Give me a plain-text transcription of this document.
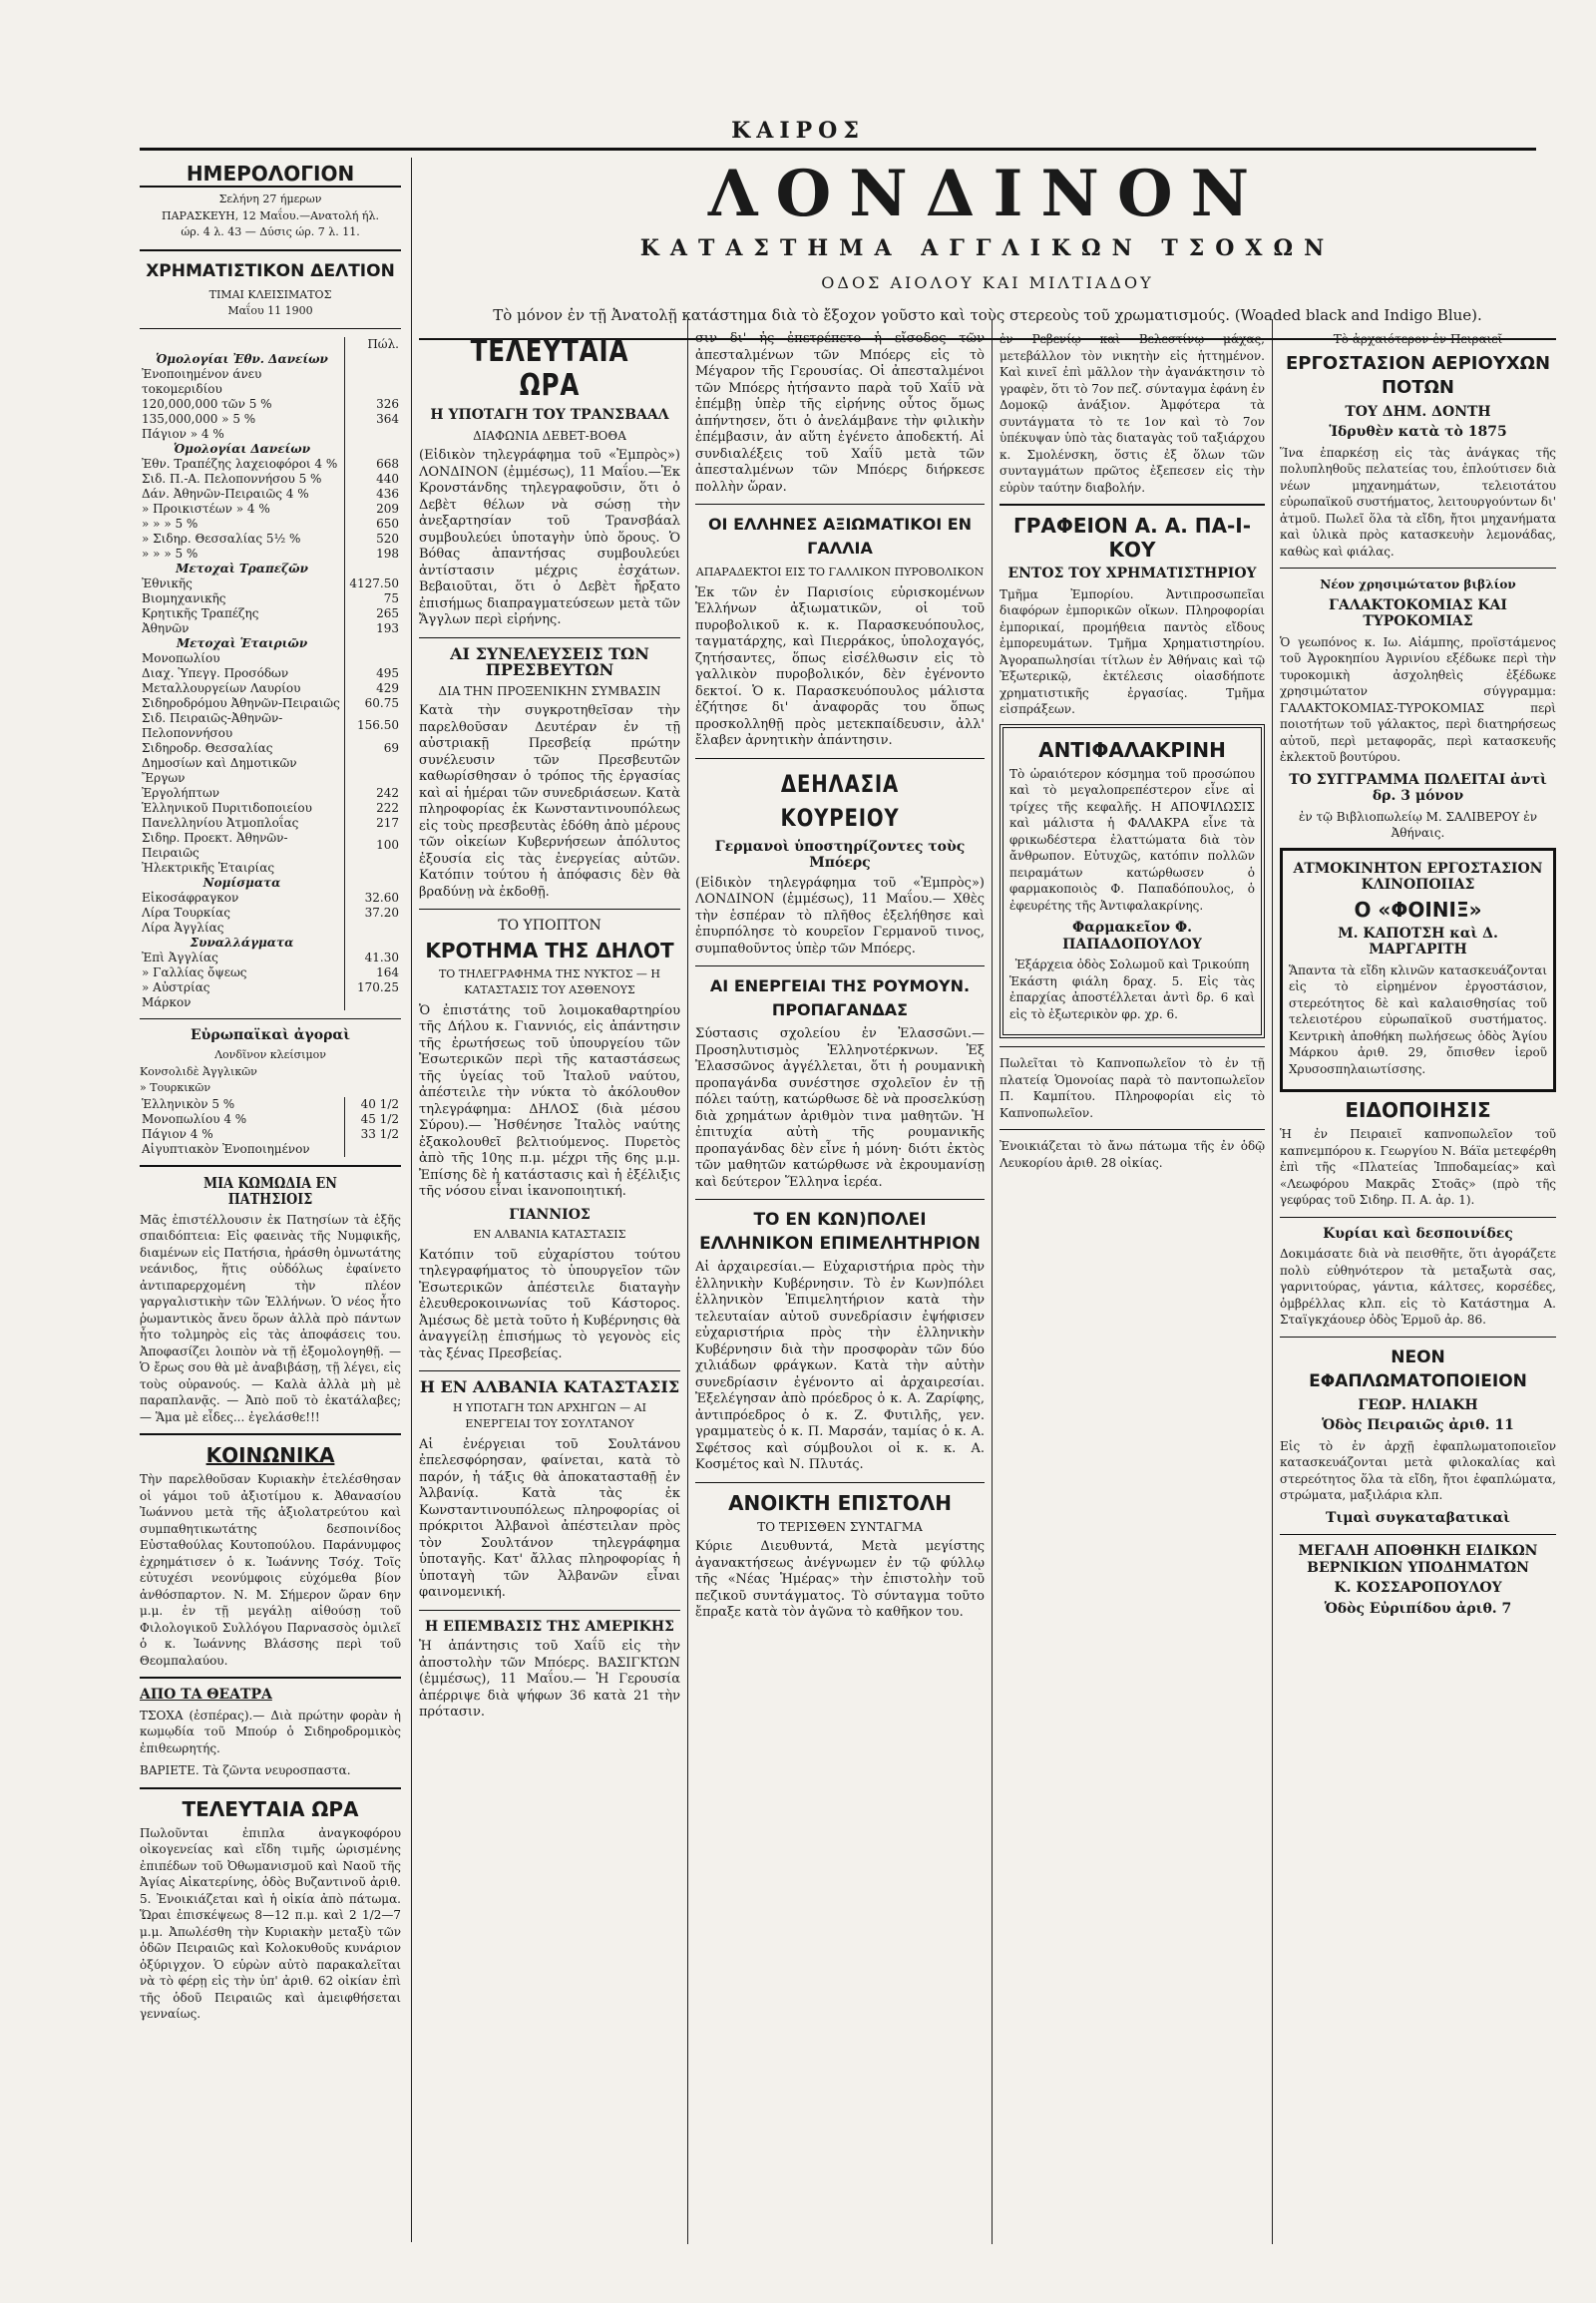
ΚΑΙΡΟΣ
ΗΜΕΡΟΛΟΓΙΟΝ
Σελήνη 27 ήμερων
ΠΑΡΑΣΚΕΥΗ, 12 Μαΐου.—Ανατολή ήλ.
ώρ. 4 λ. 43 — Δύσις ώρ. 7 λ. 11.
ΧΡΗΜΑΤΙΣΤΙΚΟΝ ΔΕΛΤΙΟΝ
ΤΙΜΑΙ ΚΛΕΙΣΙΜΑΤΟΣ
Μαΐου 11 1900
	Πώλ.
Ὁμολογίαι Ἐθν. Δανείων	
Ἐνοποιημένον άνευ τοκομεριδίου	
120,000,000 τῶν 5 %	326
135,000,000 » 5 %	364
Πάγιον » 4 %	
Ὁμολογίαι Δανείων	
Ἐθν. Τραπέζης λαχειοφόροι 4 %	668
Σιδ. Π.-Α. Πελοποννήσου 5 %	440
Δάν. Ἀθηνῶν-Πειραιῶς 4 %	436
» Προικιστέων » 4 %	209
» » » 5 %	650
» Σιδηρ. Θεσσαλίας 5½ %	520
» » » 5 %	198
Μετοχαὶ Τραπεζῶν	
Ἐθνικῆς	4127.50
Βιομηχανικῆς	75
Κρητικῆς Τραπέζης	265
Ἀθηνῶν	193
Μετοχαὶ Ἑταιριῶν	
Μονοπωλίου	
Διαχ. Ὑπεγγ. Προσόδων	495
Μεταλλουργείων Λαυρίου	429
Σιδηροδρόμου Ἀθηνῶν-Πειραιῶς	60.75
Σιδ. Πειραιῶς-Ἀθηνῶν-Πελοποννήσου	156.50
Σιδηροδρ. Θεσσαλίας	69
Δημοσίων καὶ Δημοτικῶν Ἔργων	
Ἐργολήπτων	242
Ἑλληνικοῦ Πυριτιδοποιείου	222
Πανελληνίου Ἀτμοπλοΐας	217
Σιδηρ. Προεκτ. Ἀθηνῶν-Πειραιῶς	100
Ἠλεκτρικῆς Ἑταιρίας	
Νομίσματα	
Εἰκοσάφραγκον	32.60
Λίρα Τουρκίας	37.20
Λίρα Ἀγγλίας	
Συναλλάγματα	
Ἐπὶ Ἀγγλίας	41.30
» Γαλλίας ὄψεως	164
» Αὐστρίας	170.25
Μάρκον	
Εὐρωπαϊκαὶ ἀγοραὶ
Λονδῖνον κλείσιμον
Κονσολιδὲ Ἀγγλικῶν
» Τουρκικῶν
Ἑλληνικὸν 5 %	40 1/2
Μονοπωλίου 4 %	45 1/2
Πάγιον 4 %	33 1/2
Αἰγυπτιακὸν Ἐνοποιημένον	
ΜΙΑ ΚΩΜΩΔΙΑ ΕΝ ΠΑΤΗΣΙΟΙΣ

Μᾶς ἐπιστέλλουσιν ἐκ Πατησίων τὰ ἑξῆς σπαιδόπτεια: Εἰς φαεινὰς τῆς Νυμφικῆς, διαμένων εἰς Πατήσια, ἠράσθη ὀμνωτάτης νεάνιδος, ἥτις οὐδόλως ἐφαίνετο ἀντιπαρερχομένη τὴν πλέον γαργαλιστικὴν τῶν Ἑλλήνων. Ὁ νέος ἦτο ῥωμαντικὸς ἄνευ ὅρων ἀλλὰ πρὸ πάντων ἦτο τολμηρὸς εἰς τὰς ἀποφάσεις του. Ἀποφασίζει λοιπὸν νὰ τῇ ἐξομολογηθῇ. — Ὁ ἔρως σου θὰ μὲ ἀναβιβάσῃ, τῇ λέγει, εἰς τοὺς οὐρανούς. — Καλὰ ἀλλὰ μὴ μὲ παραπλανᾷς. — Ἀπὸ ποῦ τὸ ἐκατάλαβες; — Ἅμα μὲ εἶδες... ἐγελάσθε!!!

ΚΟΙΝΩΝΙΚΑ

Τὴν παρελθοῦσαν Κυριακὴν ἐτελέσθησαν οἱ γάμοι τοῦ ἀξιοτίμου κ. Ἀθανασίου Ἰωάννου μετὰ τῆς ἀξιολατρεύτου καὶ συμπαθητικωτάτης δεσποινίδος Εὐσταθούλας Κουτοπούλου. Παράνυμφος ἐχρημάτισεν ὁ κ. Ἰωάννης Τσόχ. Τοῖς εὐτυχέσι νεονύμφοις εὐχόμεθα βίον ἀνθόσπαρτον. Ν. Μ. Σήμερον ὥραν 6ην μ.μ. ἐν τῇ μεγάλῃ αἰθούσῃ τοῦ Φιλολογικοῦ Συλλόγου Παρνασσὸς ὁμιλεῖ ὁ κ. Ἰωάννης Βλάσσης περὶ τοῦ Θεομπαλαύου.

ΑΠΟ ΤΑ ΘΕΑΤΡΑ

ΤΣΟΧΑ (ἐσπέρας).— Διὰ πρώτην φορὰν ἡ κωμῳδία τοῦ Μπούρ ὁ Σιδηροδρομικὸς ἐπιθεωρητής.

ΒΑΡΙΕΤΕ. Τὰ ζῶντα νευροσπαστα.

ΤΕΛΕΥΤΑΙΑ ΩΡΑ

Πωλοῦνται ἐπιπλα ἀναγκοφόρου οἰκογενείας καὶ εἴδη τιμῆς ὡρισμένης ἐπιπέδων τοῦ Ὀθωμανισμοῦ καὶ Ναοῦ τῆς Ἀγίας Αἰκατερίνης, ὁδὸς Βυζαντινοῦ ἀριθ. 5. Ἐνοικιάζεται καὶ ἡ οἰκία ἀπὸ πάτωμα. Ὥραι ἐπισκέψεως 8—12 π.μ. καὶ 2 1/2—7 μ.μ. Ἀπωλέσθη τὴν Κυριακὴν μεταξὺ τῶν ὁδῶν Πειραιῶς καὶ Κολοκυθοῦς κυνάριον ὀξύριγχον. Ὁ εὑρὼν αὐτὸ παρακαλεῖται νὰ τὸ φέρῃ εἰς τὴν ὑπ' ἀριθ. 62 οἰκίαν ἐπὶ τῆς ὁδοῦ Πειραιῶς καὶ ἀμειφθήσεται γενναίως.

ΛΟΝΔΙΝΟΝ
ΚΑΤΑΣΤΗΜΑ ΑΓΓΛΙΚΩΝ ΤΣΟΧΩΝ
ΟΔΟΣ ΑΙΟΛΟΥ ΚΑΙ ΜΙΛΤΙΑΔΟΥ
Τὸ μόνον ἐν τῇ Ἀνατολῇ κατάστημα διὰ τὸ ἔξοχον γοῦστο καὶ τοὺς στερεοὺς τοῦ χρωματισμούς. (Woaded black and Indigo Blue).
ΤΕΛΕΥΤΑΙΑ ΩΡΑ
Η ΥΠΟΤΑΓΗ ΤΟΥ ΤΡΑΝΣΒΑΑΛ
ΔΙΑΦΩΝΙΑ ΔΕΒΕΤ-ΒΟΘΑ

(Εἰδικὸν τηλεγράφημα τοῦ «Ἐμπρὸς») ΛΟΝΔΙΝΟΝ (ἐμμέσως), 11 Μαΐου.—Ἐκ Κρονστάνδης τηλεγραφοῦσιν, ὅτι ὁ Δεβὲτ θέλων νὰ σώσῃ τὴν ἀνεξαρτησίαν τοῦ Τρανσβάαλ συμβουλεύει ὑποταγὴν ὑπὸ ὅρους. Ὁ Βόθας ἀπαντήσας συμβουλεύει ἀντίστασιν μέχρις ἐσχάτων. Βεβαιοῦται, ὅτι ὁ Δεβὲτ ἤρξατο ἐπισήμως διαπραγματεύσεων μετὰ τῶν Ἄγγλων περὶ εἰρήνης.

ΑΙ ΣΥΝΕΛΕΥΣΕΙΣ ΤΩΝ ΠΡΕΣΒΕΥΤΩΝ
ΔΙΑ ΤΗΝ ΠΡΟΞΕΝΙΚΗΝ ΣΥΜΒΑΣΙΝ

Κατὰ τὴν συγκροτηθεῖσαν τὴν παρελθοῦσαν Δευτέραν ἐν τῇ αὐστριακῇ Πρεσβείᾳ πρώτην συνέλευσιν τῶν Πρεσβευτῶν καθωρίσθησαν ὁ τρόπος τῆς ἐργασίας καὶ αἱ ἡμέραι τῶν συνεδριάσεων. Κατὰ πληροφορίας ἐκ Κωνσταντινουπόλεως εἰς τοὺς πρεσβευτὰς ἐδόθη ἀπὸ μέρους τῶν οἰκείων Κυβερνήσεων ἀπόλυτος ἐξουσία εἰς τὰς ἐνεργείας αὐτῶν. Κατόπιν τούτου ἡ ἀπόφασις δὲν θὰ βραδύνῃ νὰ ἐκδοθῇ.

ΤΟ ΥΠΟΠΤΟΝ
ΚΡΟΤΗΜΑ ΤΗΣ ΔΗΛΟΤ
ΤΟ ΤΗΛΕΓΡΑΦΗΜΑ ΤΗΣ ΝΥΚΤΟΣ — Η ΚΑΤΑΣΤΑΣΙΣ ΤΟΥ ΑΣΘΕΝΟΥΣ

Ὁ ἐπιστάτης τοῦ λοιμοκαθαρτηρίου τῆς Δήλου κ. Γιαννιός, εἰς ἀπάντησιν τῆς ἐρωτήσεως τοῦ ὑπουργείου τῶν Ἐσωτερικῶν περὶ τῆς καταστάσεως τῆς ὑγείας τοῦ Ἰταλοῦ ναύτου, ἀπέστειλε τὴν νύκτα τὸ ἀκόλουθον τηλεγράφημα: ΔΗΛΟΣ (διὰ μέσου Σύρου).— Ἠσθένησε Ἰταλὸς ναύτης ἐξακολουθεῖ βελτιούμενος. Πυρετὸς ἀπὸ τῆς 10ης π.μ. μέχρι τῆς 6ης μ.μ. Ἐπίσης δὲ ἡ κατάστασις καὶ ἡ ἐξέλιξις τῆς νόσου εἶναι ἰκανοποιητική.

ΓΙΑΝΝΙΟΣ
ΕΝ ΑΛΒΑΝΙΑ ΚΑΤΑΣΤΑΣΙΣ

Κατόπιν τοῦ εὐχαρίστου τούτου τηλεγραφήματος τὸ ὑπουργεῖον τῶν Ἐσωτερικῶν ἀπέστειλε διαταγὴν ἐλευθεροκοινωνίας τοῦ Κάστορος. Ἀμέσως δὲ μετὰ τοῦτο ἡ Κυβέρνησις θὰ ἀναγγείλῃ ἐπισήμως τὸ γεγονὸς εἰς τὰς ξένας Πρεσβείας.

Η ΕΝ ΑΛΒΑΝΙΑ ΚΑΤΑΣΤΑΣΙΣ
Η ΥΠΟΤΑΓΗ ΤΩΝ ΑΡΧΗΓΩΝ — ΑΙ ΕΝΕΡΓΕΙΑΙ ΤΟΥ ΣΟΥΛΤΑΝΟΥ

Αἱ ἐνέργειαι τοῦ Σουλτάνου ἐπελεσφόρησαν, φαίνεται, κατὰ τὸ παρόν, ἡ τάξις θὰ ἀποκατασταθῇ ἐν Ἀλβανίᾳ. Κατὰ τὰς ἐκ Κωνσταντινουπόλεως πληροφορίας οἱ πρόκριτοι Ἀλβανοὶ ἀπέστειλαν πρὸς τὸν Σουλτάνον τηλεγράφημα ὑποταγῆς. Κατ' ἄλλας πληροφορίας ἡ ὑποταγὴ τῶν Ἀλβανῶν εἶναι φαινομενική.

Η ΕΠΕΜΒΑΣΙΣ ΤΗΣ ΑΜΕΡΙΚΗΣ

Ἡ ἀπάντησις τοῦ Χαΐῦ εἰς τὴν ἀποστολὴν τῶν Μπόερς. ΒΑΣΙΓΚΤΩΝ (ἐμμέσως), 11 Μαΐου.— Ἡ Γερουσία ἀπέρριψε διὰ ψήφων 36 κατὰ 21 τὴν πρότασιν.

σιν δι' ἧς ἐπετρέπετο ἡ εἴσοδος τῶν ἀπεσταλμένων τῶν Μπόερς εἰς τὸ Μέγαρον τῆς Γερουσίας. Οἱ ἀπεσταλμένοι τῶν Μπόερς ἠτήσαντο παρὰ τοῦ Χαΐῦ νὰ ἐπέμβῃ ὑπὲρ τῆς εἰρήνης οὗτος ὅμως ἀπήντησεν, ὅτι ὁ ἀνελάμβανε τὴν φιλικὴν ἐπέμβασιν, ἀν αὕτη ἐγένετο ἀποδεκτή. Αἱ συνδιαλέξεις τοῦ Χαΐῦ μετὰ τῶν ἀπεσταλμένων τῶν Μπόερς διήρκεσε πολλὴν ὥραν.

ΟΙ ΕΛΛΗΝΕΣ ΑΞΙΩΜΑΤΙΚΟΙ ΕΝ ΓΑΛΛΙΑ
ΑΠΑΡΑΔΕΚΤΟΙ ΕΙΣ ΤΟ ΓΑΛΛΙΚΟΝ ΠΥΡΟΒΟΛΙΚΟΝ

Ἐκ τῶν ἐν Παρισίοις εὑρισκομένων Ἑλλήνων ἀξιωματικῶν, οἱ τοῦ πυροβολικοῦ κ. κ. Παρασκευόπουλος, ταγματάρχης, καὶ Πιερράκος, ὑπολοχαγός, ζητήσαντες, ὅπως εἰσέλθωσιν εἰς τὸ γαλλικὸν πυροβολικόν, δὲν ἐγένοντο δεκτοί. Ὁ κ. Παρασκευόπουλος μάλιστα ἐζήτησε δι' ἀναφορᾶς του ὅπως προσκολληθῇ πρὸς μετεκπαίδευσιν, ἀλλ' ἔλαβεν ἀρνητικὴν ἀπάντησιν.

ΔΕΗΛΑΣΙΑ ΚΟΥΡΕΙΟΥ
Γερμανοὶ ὑποστηρίζοντες τοὺς Μπόερς

(Εἰδικὸν τηλεγράφημα τοῦ «Ἐμπρὸς») ΛΟΝΔΙΝΟΝ (ἐμμέσως), 11 Μαΐου.— Χθὲς τὴν ἑσπέραν τὸ πλῆθος ἐξελήθησε καὶ ἐπυρπόλησε τὸ κουρεῖον Γερμανοῦ τινος, συμπαθοῦντος ὑπὲρ τῶν Μπόερς.

ΑΙ ΕΝΕΡΓΕΙΑΙ ΤΗΣ ΡΟΥΜΟΥΝ. ΠΡΟΠΑΓΑΝΔΑΣ

Σύστασις σχολείου ἐν Ἐλασσῶνι.— Προσηλυτισμὸς Ἑλληνοτέρκνων. Ἐξ Ἐλασσῶνος ἀγγέλλεται, ὅτι ἡ ρουμανικὴ προπαγάνδα συνέστησε σχολεῖον ἐν τῇ πόλει ταύτῃ, κατώρθωσε δὲ νὰ προσελκύσῃ διὰ χρημάτων ἀριθμὸν τινα μαθητῶν. Ἡ ἐπιτυχία αὐτὴ τῆς ρουμανικῆς προπαγάνδας δὲν εἶνε ἡ μόνη· διότι ἐκτὸς τῶν μαθητῶν κατώρθωσε νὰ ἐκρουμανίσῃ καὶ δεύτερον Ἕλληνα ἱερέα.

ΤΟ ΕΝ ΚΩΝ)ΠΟΛΕΙ ΕΛΛΗΝΙΚΟΝ ΕΠΙΜΕΛΗΤΗΡΙΟΝ

Αἱ ἀρχαιρεσίαι.— Εὐχαριστήρια πρὸς τὴν ἑλληνικὴν Κυβέρνησιν. Τὸ ἐν Κων)πόλει ἑλληνικὸν Ἐπιμελητήριον κατὰ τὴν τελευταίαν αὐτοῦ συνεδρίασιν ἐψήφισεν εὐχαριστήρια πρὸς τὴν ἑλληνικὴν Κυβέρνησιν διὰ τὴν προσφορὰν τῶν δύο χιλιάδων φράγκων. Κατὰ τὴν αὐτὴν συνεδρίασιν ἐγένοντο αἱ ἀρχαιρεσίαι. Ἐξελέγησαν ἀπὸ πρόεδρος ὁ κ. Α. Ζαρίφης, ἀντιπρόεδρος ὁ κ. Ζ. Φυτιλῆς, γεν. γραμματεὺς ὁ κ. Π. Μαρσάν, ταμίας ὁ κ. Α. Σφέτσος καὶ σύμβουλοι οἱ κ. κ. Α. Κοσμέτος καὶ Ν. Πλυτάς.

ΑΝΟΙΚΤΗ ΕΠΙΣΤΟΛΗ
ΤΟ ΤΕΡΙΣΘΕΝ ΣΥΝΤΑΓΜΑ

Κύριε Διευθυντά, Μετὰ μεγίστης ἀγανακτήσεως ἀνέγνωμεν ἐν τῷ φύλλῳ τῆς «Νέας Ἡμέρας» τὴν ἐπιστολὴν τοῦ πεζικοῦ συντάγματος. Τὸ σύνταγμα τοῦτο ἔπραξε κατὰ τὸν ἀγῶνα τὸ καθῆκον του.

ἐν Ρεβενίῳ καὶ Βελεστίνῳ μάχας, μετεβάλλον τὸν νικητὴν εἰς ἡττημένον. Καὶ κινεῖ ἐπὶ μᾶλλον τὴν ἀγανάκτησιν τὸ γραφὲν, ὅτι τὸ 7ον πεζ. σύνταγμα ἐφάνη ἐν Δομοκῷ ἀνάξιον. Ἀμφότερα τὰ συντάγματα τὸ τε 1ον καὶ τὸ 7ον ὑπέκυψαν ὑπὸ τὰς διαταγὰς τοῦ ταξιάρχου κ. Σμολένσκη, ὅστις ἐξ ὅλων τῶν συνταγμάτων πρῶτος ἐξεπεσεν εἰς τὴν εὐρὺν ταύτην διαβολήν.

ΓΡΑΦΕΙΟΝ Α. Α. ΠΑ-Ι-ΚΟΥ
ΕΝΤΟΣ ΤΟΥ ΧΡΗΜΑΤΙΣΤΗΡΙΟΥ

Τμῆμα Ἐμπορίου. Ἀντιπροσωπεῖαι διαφόρων ἐμπορικῶν οἴκων. Πληροφορίαι ἐμπορικαί, προμήθεια παντὸς εἴδους ἐμπορευμάτων. Τμῆμα Χρηματιστηρίου. Ἀγοραπωλησίαι τίτλων ἐν Ἀθήναις καὶ τῷ Ἐξωτερικῷ, ἐκτέλεσις οἰασδήποτε χρηματιστικῆς ἐργασίας. Τμῆμα εἰσπράξεων.

ΑΝΤΙΦΑΛΑΚΡΙΝΗ

Τὸ ὡραιότερον κόσμημα τοῦ προσώπου καὶ τὸ μεγαλοπρεπέστερον εἶνε αἱ τρίχες τῆς κεφαλῆς. Η ΑΠΟΨΙΛΩΣΙΣ καὶ μάλιστα ἡ ΦΑΛΑΚΡΑ εἶνε τὰ φρικωδέστερα ἐλαττώματα διὰ τὸν ἄνθρωπον. Εὐτυχῶς, κατόπιν πολλῶν πειραμάτων κατώρθωσεν ὁ φαρμακοποιὸς Φ. Παπαδόπουλος, ὁ ἐφευρέτης τῆς Ἀντιφαλακρίνης.

Φαρμακεῖον Φ. ΠΑΠΑΔΟΠΟΥΛΟΥ
Ἑξάρχεια ὁδὸς Σολωμοῦ καὶ Τρικούπη

Ἑκάστη φιάλη δραχ. 5. Εἰς τὰς ἐπαρχίας ἀποστέλλεται ἀντὶ δρ. 6 καὶ εἰς τὸ ἐξωτερικὸν φρ. χρ. 6.

Πωλεῖται τὸ Καπνοπωλεῖον τὸ ἐν τῇ πλατείᾳ Ὁμονοίας παρὰ τὸ παντοπωλεῖον Π. Καμπίτου. Πληροφορίαι εἰς τὸ Καπνοπωλεῖον.

Ἐνοικιάζεται τὸ ἄνω πάτωμα τῆς ἐν ὁδῷ Λευκορίου ἀριθ. 28 οἰκίας.

Τὸ ἀρχαιότερον ἐν Πειραιεῖ
ΕΡΓΟΣΤΑΣΙΟΝ ΑΕΡΙΟΥΧΩΝ ΠΟΤΩΝ
ΤΟΥ ΔΗΜ. ΔΟΝΤΗ
Ἱδρυθὲν κατὰ τὸ 1875

Ἵνα ἐπαρκέσῃ εἰς τὰς ἀνάγκας τῆς πολυπληθοῦς πελατείας του, ἐπλούτισεν διὰ νέων μηχανημάτων, τελειοτάτου εὐρωπαϊκοῦ συστήματος, λειτουργούντων δι' ἀτμοῦ. Πωλεῖ ὅλα τὰ εἴδη, ἤτοι μηχανήματα καὶ ὑλικὰ πρὸς κατασκευὴν λεμονάδας, καθὼς καὶ φιάλας.

Νέον χρησιμώτατον βιβλίον
ΓΑΛΑΚΤΟΚΟΜΙΑΣ ΚΑΙ ΤΥΡΟΚΟΜΙΑΣ

Ὁ γεωπόνος κ. Ιω. Αἰάμπης, προϊστάμενος τοῦ Ἀγροκηπίου Ἀγρινίου εξέδωκε περὶ τὴν τυροκομικὴ ἀσχοληθεὶς ἐξέδωκε χρησιμώτατον σύγγραμμα: ΓΑΛΑΚΤΟΚΟΜΙΑΣ-ΤΥΡΟΚΟΜΙΑΣ περὶ ποιοτήτων τοῦ γάλακτος, περὶ διατηρήσεως αὐτοῦ, περὶ μεταφορᾶς, περὶ κατασκευῆς ἐκλεκτοῦ βουτύρου.

ΤΟ ΣΥΓΓΡΑΜΜΑ ΠΩΛΕΙΤΑΙ ἀντὶ δρ. 3 μόνον
ἐν τῷ Βιβλιοπωλείῳ Μ. ΣΑΛΙΒΕΡΟΥ ἐν Ἀθήναις.
ΑΤΜΟΚΙΝΗΤΟΝ ΕΡΓΟΣΤΑΣΙΟΝ ΚΛΙΝΟΠΟΙΙΑΣ
Ο «ΦΟΙΝΙΞ»
Μ. ΚΑΠΟΤΣΗ καὶ Δ. ΜΑΡΓΑΡΙΤΗ

Ἅπαντα τὰ εἴδη κλινῶν κατασκευάζονται εἰς τὸ εἰρημένον ἐργοστάσιον, στερεότητος δὲ καὶ καλαισθησίας τοῦ τελειοτέρου εὐρωπαϊκοῦ συστήματος. Κεντρικὴ ἀποθήκη πωλήσεως ὁδὸς Ἁγίου Μάρκου ἀριθ. 29, ὄπισθεν ἱεροῦ Χρυσοσπηλαιωτίσσης.

ΕΙΔΟΠΟΙΗΣΙΣ

Ἡ ἐν Πειραιεῖ καπνοπωλεῖον τοῦ καπνεμπόρου κ. Γεωργίου Ν. Βάϊα μετεφέρθη ἐπὶ τῆς «Πλατείας Ἱπποδαμείας» καὶ «Λεωφόρου Μακρᾶς Στοᾶς» (πρὸ τῆς γεφύρας τοῦ Σιδηρ. Π. Α. ἀρ. 1).

Κυρίαι καὶ δεσποινίδες

Δοκιμάσατε διὰ νὰ πεισθῆτε, ὅτι ἀγοράζετε πολὺ εὐθηνότερον τὰ μεταξωτὰ σας, γαρνιτούρας, γάντια, κάλτσες, κορσέδες, ὀμβρέλλας κλπ. εἰς τὸ Κατάστημα Α. Σταϊγκχάουερ ὁδὸς Ἑρμοῦ ἀρ. 86.

ΝΕΟΝ ΕΦΑΠΛΩΜΑΤΟΠΟΙΕΙΟΝ
ΓΕΩΡ. ΗΛΙΑΚΗ
Ὁδὸς Πειραιῶς ἀριθ. 11

Εἰς τὸ ἐν ἀρχῇ ἐφαπλωματοποιεῖον κατασκευάζονται μετὰ φιλοκαλίας καὶ στερεότητος ὅλα τὰ εἴδη, ἤτοι ἐφαπλώματα, στρώματα, μαξιλάρια κλπ.

Τιμαὶ συγκαταβατικαὶ
ΜΕΓΑΛΗ ΑΠΟΘΗΚΗ ΕΙΔΙΚΩΝ ΒΕΡΝΙΚΙΩΝ ΥΠΟΔΗΜΑΤΩΝ
Κ. ΚΟΣΣΑΡΟΠΟΥΛΟΥ
Ὁδὸς Εὐριπίδου ἀριθ. 7
